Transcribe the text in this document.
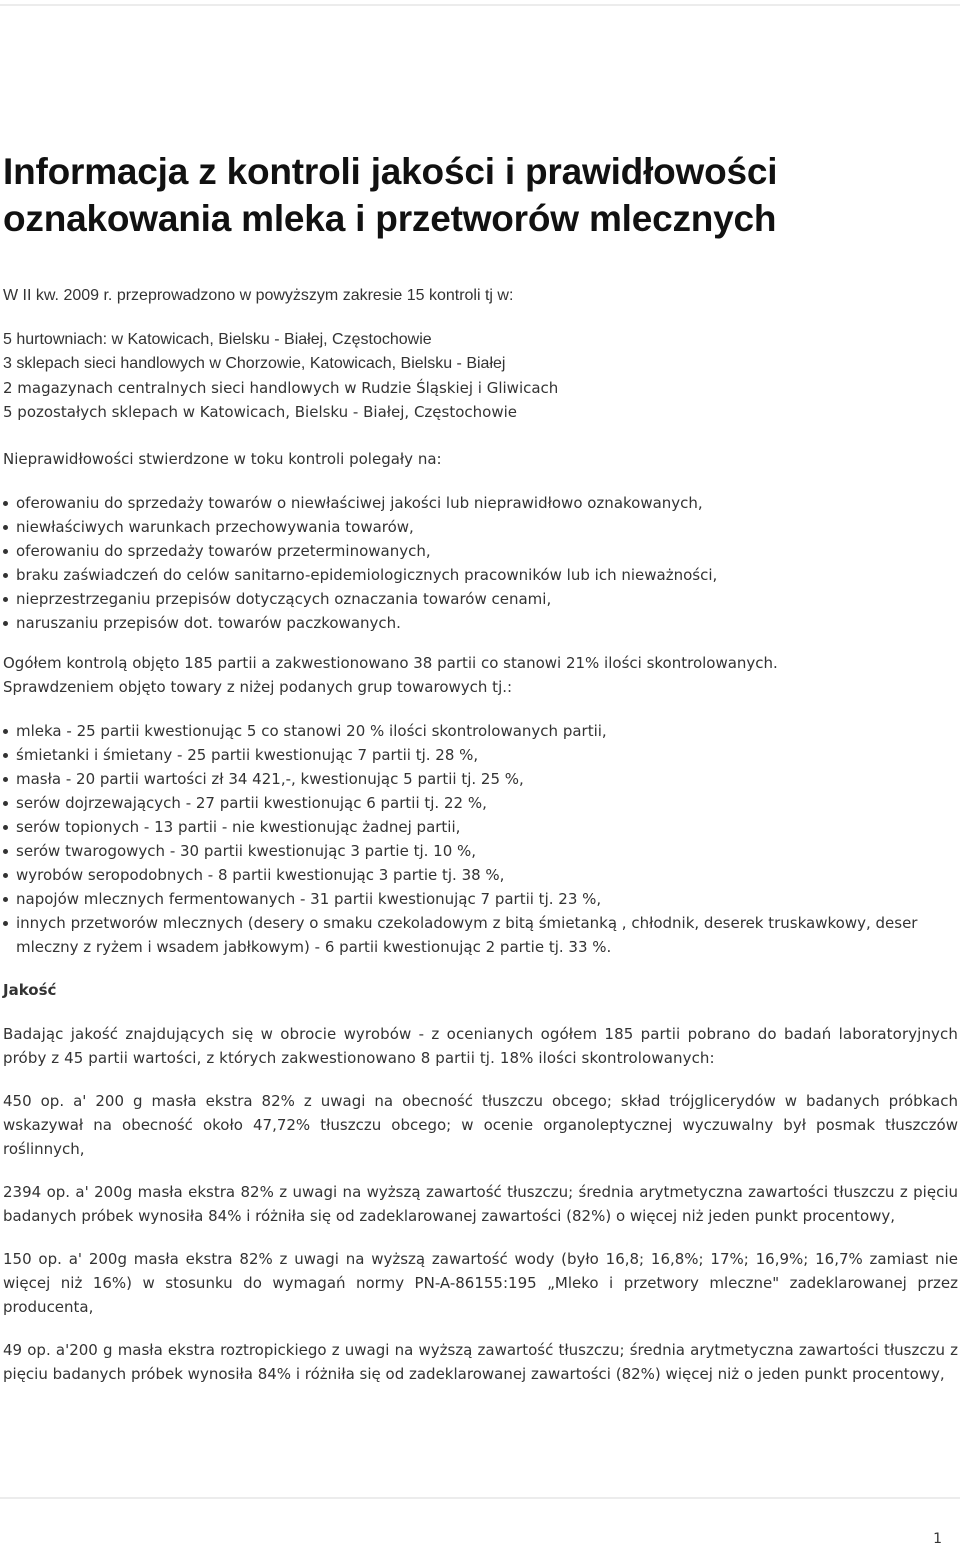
Informacja z kontroli jakości i prawidłowości
oznakowania mleka i przetworów mlecznych
W II kw. 2009 r. przeprowadzono w powyższym zakresie 15 kontroli tj w:
5 hurtowniach: w Katowicach, Bielsku - Białej, Częstochowie
3 sklepach sieci handlowych w Chorzowie, Katowicach, Bielsku - Białej
2 magazynach centralnych sieci handlowych w Rudzie Śląskiej i Gliwicach
5 pozostałych sklepach w Katowicach, Bielsku - Białej, Częstochowie
Nieprawidłowości stwierdzone w toku kontroli polegały na:
oferowaniu do sprzedaży towarów o niewłaściwej jakości lub nieprawidłowo oznakowanych,
niewłaściwych warunkach przechowywania towarów,
oferowaniu do sprzedaży towarów przeterminowanych,
braku zaświadczeń do celów sanitarno-epidemiologicznych pracowników lub ich nieważności,
nieprzestrzeganiu przepisów dotyczących oznaczania towarów cenami,
naruszaniu przepisów dot. towarów paczkowanych.
Ogółem kontrolą objęto 185 partii a zakwestionowano 38 partii co stanowi 21% ilości skontrolowanych.
Sprawdzeniem objęto towary z niżej podanych grup towarowych tj.:
mleka - 25 partii kwestionując 5 co stanowi 20 % ilości skontrolowanych partii,
śmietanki i śmietany - 25 partii kwestionując 7 partii tj. 28 %,
masła - 20 partii wartości zł 34 421,-, kwestionując 5 partii tj. 25 %,
serów dojrzewających - 27 partii kwestionując 6 partii tj. 22 %,
serów topionych - 13 partii - nie kwestionując żadnej partii,
serów twarogowych - 30 partii kwestionując 3 partie tj. 10 %,
wyrobów seropodobnych - 8 partii kwestionując 3 partie tj. 38 %,
napojów mlecznych fermentowanych - 31 partii kwestionując 7 partii tj. 23 %,
innych przetworów mlecznych (desery o smaku czekoladowym z bitą śmietanką , chłodnik, deserek truskawkowy, deser mleczny z ryżem i wsadem jabłkowym) - 6 partii kwestionując 2 partie tj. 33 %.
Jakość
Badając jakość znajdujących się w obrocie wyrobów - z ocenianych ogółem 185 partii pobrano do badań laboratoryjnych próby z 45 partii wartości, z których zakwestionowano 8 partii tj. 18% ilości skontrolowanych:
450 op. a' 200 g masła ekstra 82% z uwagi na obecność tłuszczu obcego; skład trójglicerydów w badanych próbkach wskazywał na obecność około 47,72% tłuszczu obcego; w ocenie organoleptycznej wyczuwalny był posmak tłuszczów roślinnych,
2394 op. a' 200g masła ekstra 82% z uwagi na wyższą zawartość tłuszczu; średnia arytmetyczna zawartości tłuszczu z pięciu badanych próbek wynosiła 84% i różniła się od zadeklarowanej zawartości (82%) o więcej niż jeden punkt procentowy,
150 op. a' 200g masła ekstra 82% z uwagi na wyższą zawartość wody (było 16,8; 16,8%; 17%; 16,9%; 16,7% zamiast nie więcej niż 16%) w stosunku do wymagań normy PN-A-86155:195 „Mleko i przetwory mleczne" zadeklarowanej przez producenta,
49 op. a'200 g masła ekstra roztropickiego z uwagi na wyższą zawartość tłuszczu; średnia arytmetyczna zawartości tłuszczu z pięciu badanych próbek wynosiła 84% i różniła się od zadeklarowanej zawartości (82%) więcej niż o jeden punkt procentowy,
1
